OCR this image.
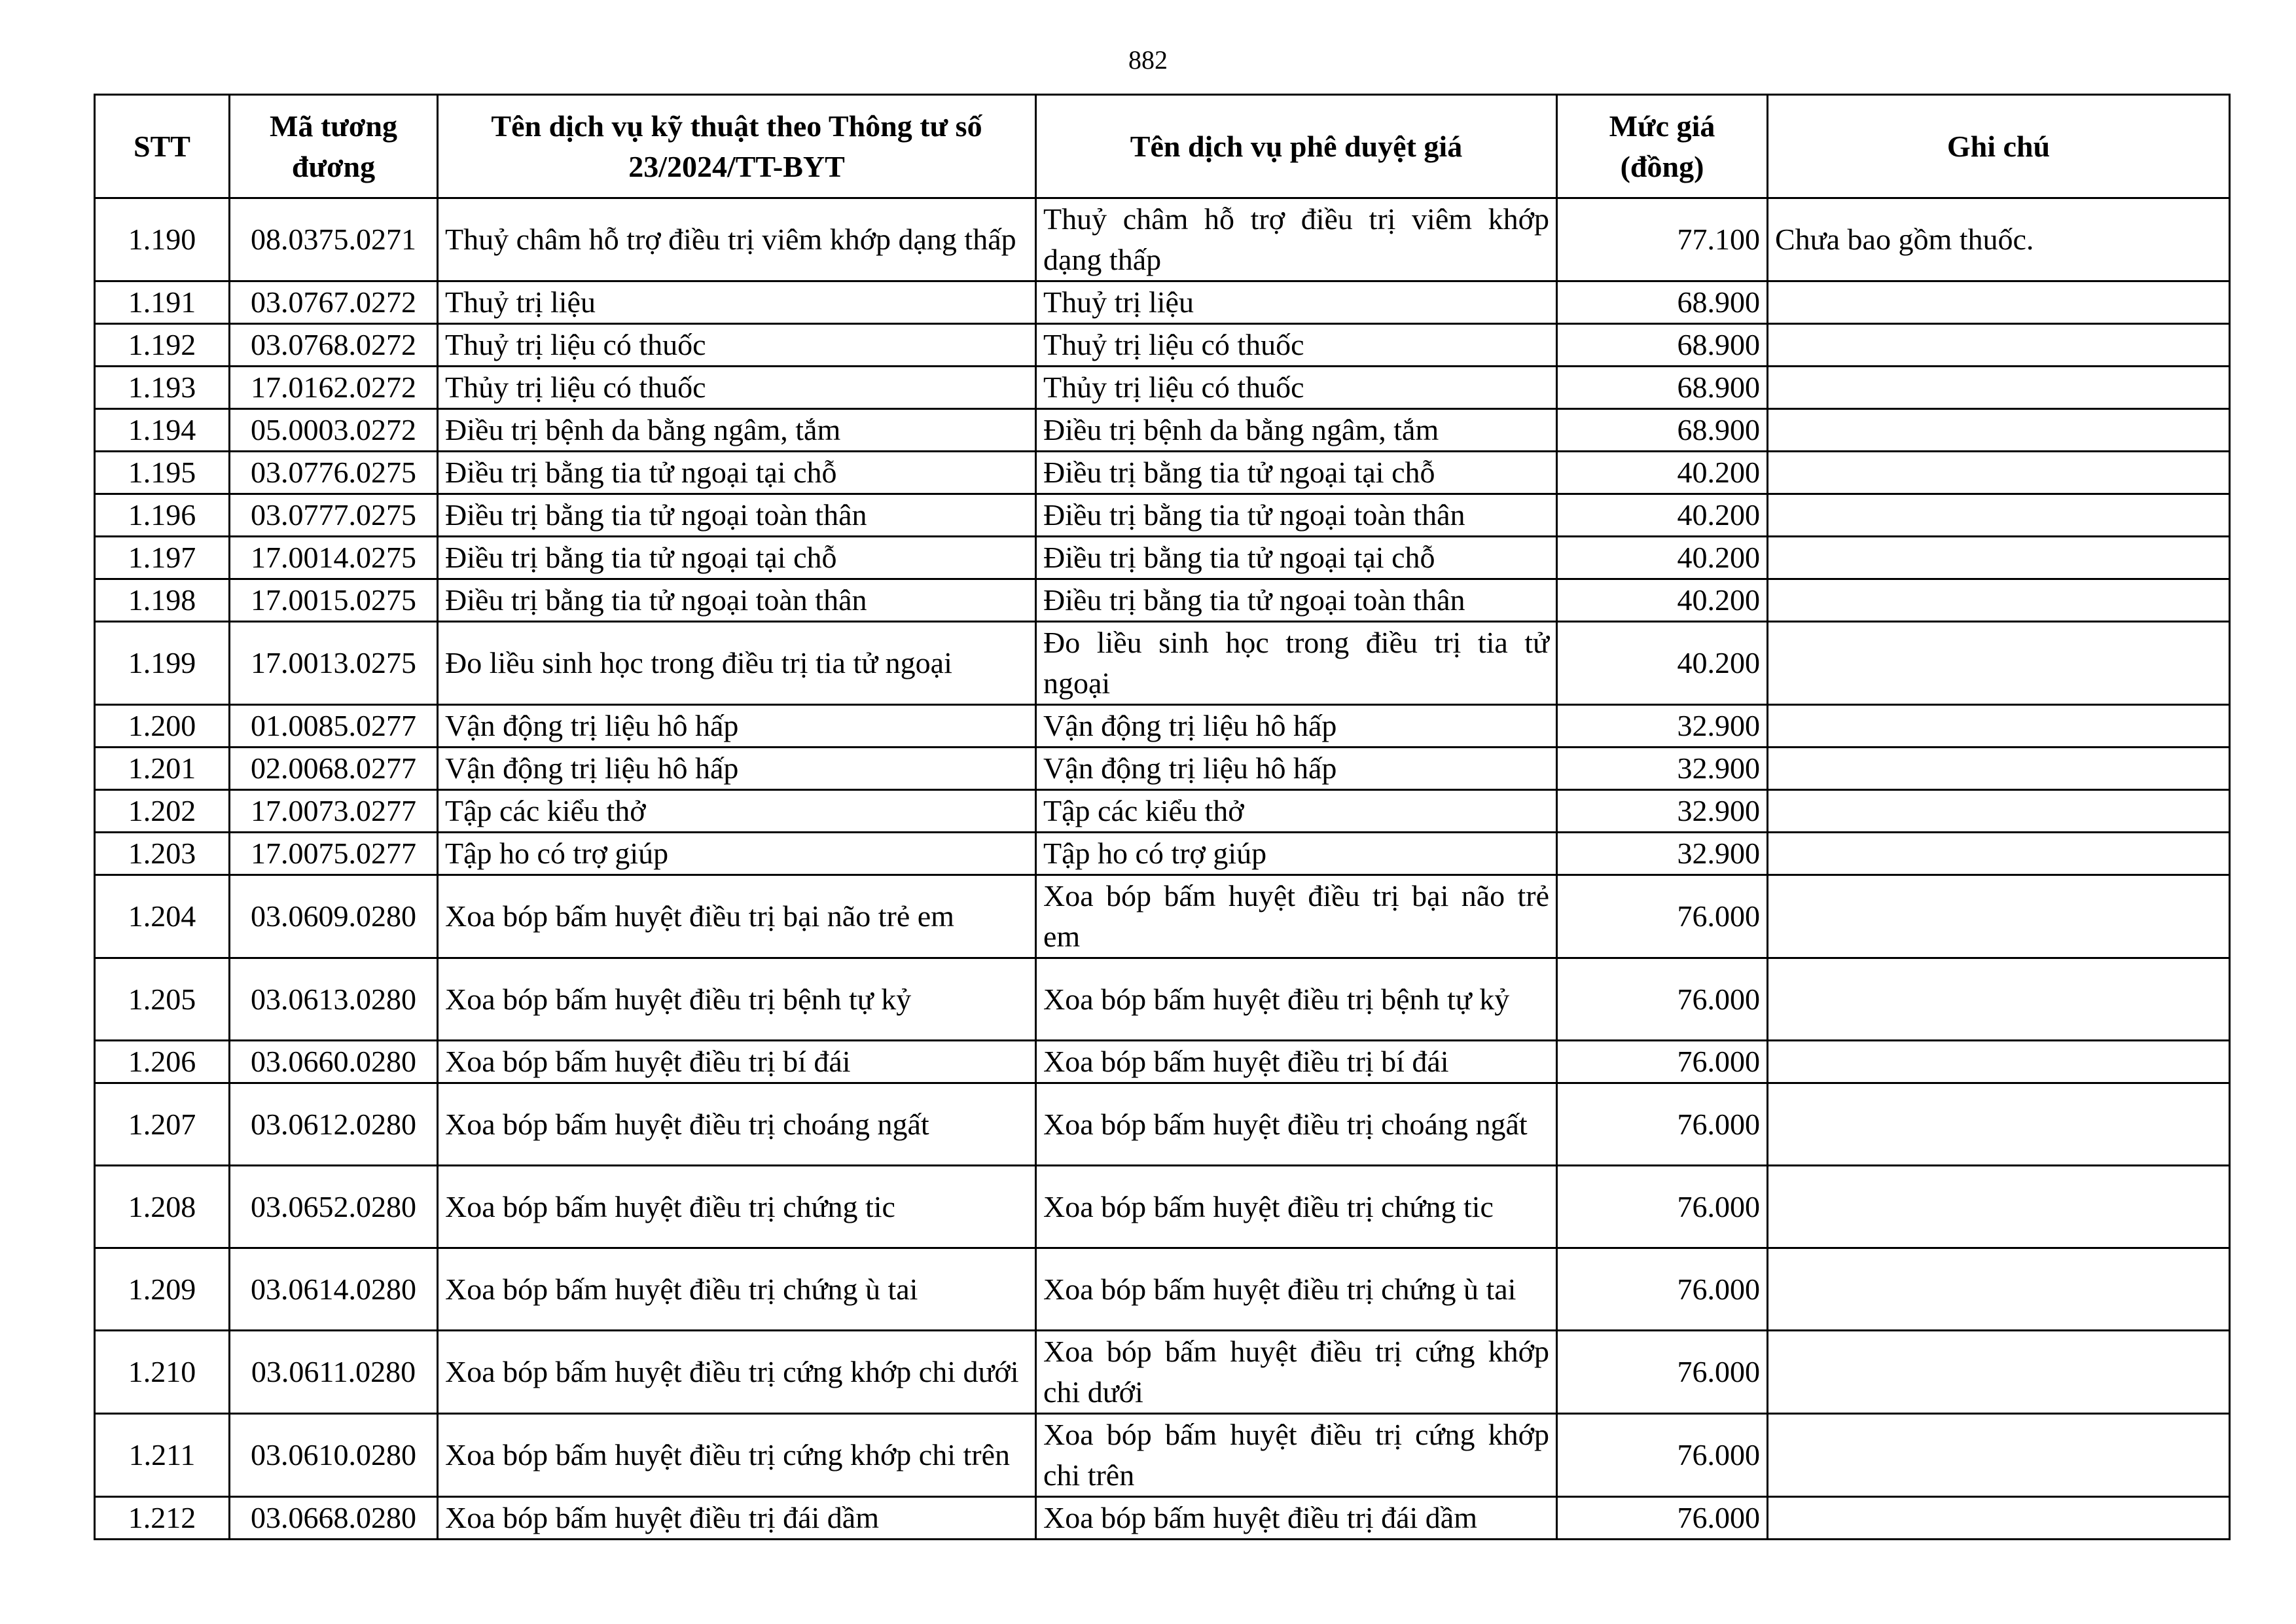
882
STT	Mã tương đương	Tên dịch vụ kỹ thuật theo Thông tư số 23/2024/TT-BYT	Tên dịch vụ phê duyệt giá	Mức giá (đồng)	Ghi chú
1.190	08.0375.0271	Thuỷ châm hỗ trợ điều trị viêm khớp dạng thấp	Thuỷ châm hỗ trợ điều trị viêm khớp dạng thấp	77.100	Chưa bao gồm thuốc.
1.191	03.0767.0272	Thuỷ trị liệu	Thuỷ trị liệu	68.900	
1.192	03.0768.0272	Thuỷ trị liệu có thuốc	Thuỷ trị liệu có thuốc	68.900	
1.193	17.0162.0272	Thủy trị liệu có thuốc	Thủy trị liệu có thuốc	68.900	
1.194	05.0003.0272	Điều trị bệnh da bằng ngâm, tắm	Điều trị bệnh da bằng ngâm, tắm	68.900	
1.195	03.0776.0275	Điều trị bằng tia tử ngoại tại chỗ	Điều trị bằng tia tử ngoại tại chỗ	40.200	
1.196	03.0777.0275	Điều trị bằng tia tử ngoại toàn thân	Điều trị bằng tia tử ngoại toàn thân	40.200	
1.197	17.0014.0275	Điều trị bằng tia tử ngoại tại chỗ	Điều trị bằng tia tử ngoại tại chỗ	40.200	
1.198	17.0015.0275	Điều trị bằng tia tử ngoại toàn thân	Điều trị bằng tia tử ngoại toàn thân	40.200	
1.199	17.0013.0275	Đo liều sinh học trong điều trị tia tử ngoại	Đo liều sinh học trong điều trị tia tử ngoại	40.200	
1.200	01.0085.0277	Vận động trị liệu hô hấp	Vận động trị liệu hô hấp	32.900	
1.201	02.0068.0277	Vận động trị liệu hô hấp	Vận động trị liệu hô hấp	32.900	
1.202	17.0073.0277	Tập các kiểu thở	Tập các kiểu thở	32.900	
1.203	17.0075.0277	Tập ho có trợ giúp	Tập ho có trợ giúp	32.900	
1.204	03.0609.0280	Xoa bóp bấm huyệt điều trị bại não trẻ em	Xoa bóp bấm huyệt điều trị bại não trẻ em	76.000	
1.205	03.0613.0280	Xoa bóp bấm huyệt điều trị bệnh tự kỷ	Xoa bóp bấm huyệt điều trị bệnh tự kỷ	76.000	
1.206	03.0660.0280	Xoa bóp bấm huyệt điều trị bí đái	Xoa bóp bấm huyệt điều trị bí đái	76.000	
1.207	03.0612.0280	Xoa bóp bấm huyệt điều trị choáng ngất	Xoa bóp bấm huyệt điều trị choáng ngất	76.000	
1.208	03.0652.0280	Xoa bóp bấm huyệt điều trị chứng tic	Xoa bóp bấm huyệt điều trị chứng tic	76.000	
1.209	03.0614.0280	Xoa bóp bấm huyệt điều trị chứng ù tai	Xoa bóp bấm huyệt điều trị chứng ù tai	76.000	
1.210	03.0611.0280	Xoa bóp bấm huyệt điều trị cứng khớp chi dưới	Xoa bóp bấm huyệt điều trị cứng khớp chi dưới	76.000	
1.211	03.0610.0280	Xoa bóp bấm huyệt điều trị cứng khớp chi trên	Xoa bóp bấm huyệt điều trị cứng khớp chi trên	76.000	
1.212	03.0668.0280	Xoa bóp bấm huyệt điều trị đái dầm	Xoa bóp bấm huyệt điều trị đái dầm	76.000	
